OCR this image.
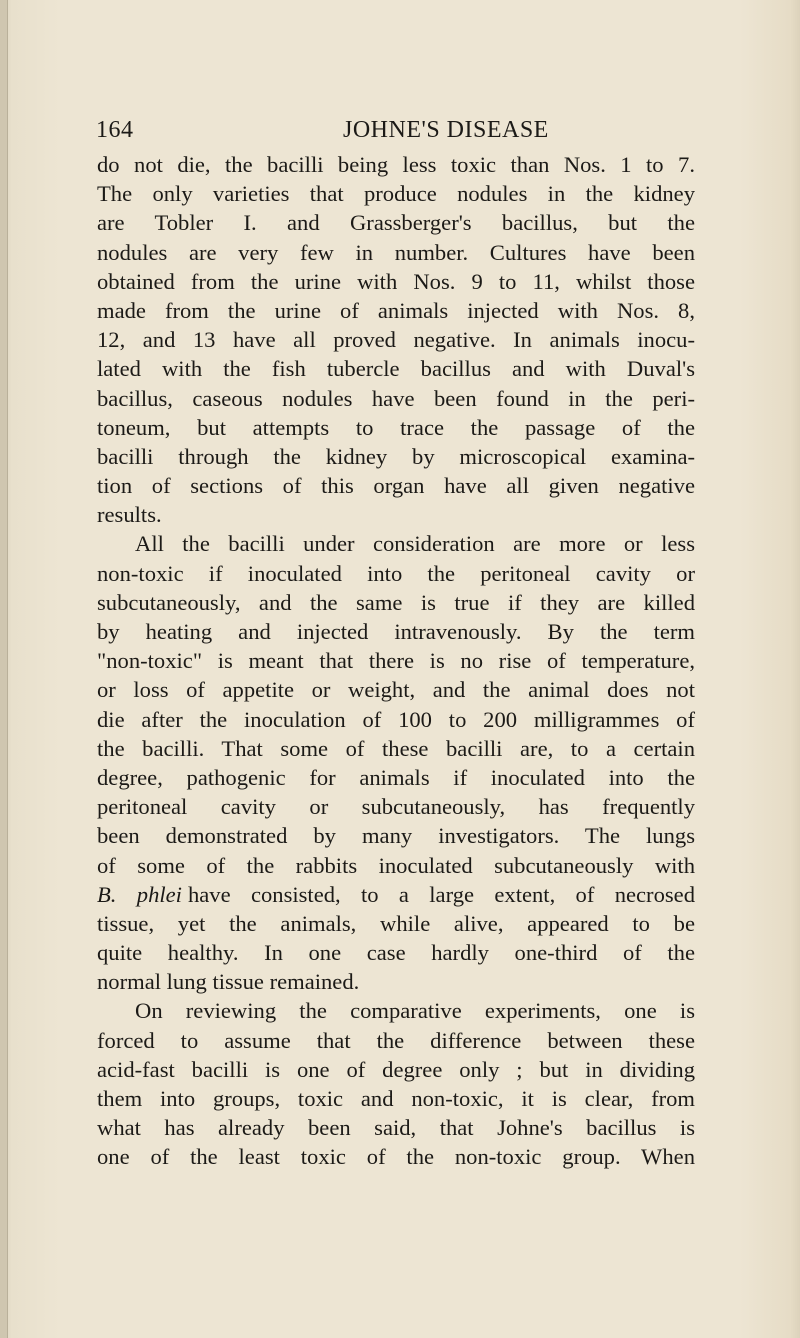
164	JOHNE'S DISEASE
do not die, the bacilli being less toxic than Nos. 1 to 7.
The only varieties that produce nodules in the kidney
are Tobler I. and Grassberger's bacillus, but the
nodules are very few in number. Cultures have been
obtained from the urine with Nos. 9 to 11, whilst those
made from the urine of animals injected with Nos. 8,
12, and 13 have all proved negative. In animals inocu-
lated with the fish tubercle bacillus and with Duval's
bacillus, caseous nodules have been found in the peri-
toneum, but attempts to trace the passage of the
bacilli through the kidney by microscopical examina-
tion of sections of this organ have all given negative
results.
All the bacilli under consideration are more or less
non-toxic if inoculated into the peritoneal cavity or
subcutaneously, and the same is true if they are killed
by heating and injected intravenously. By the term
"non-toxic" is meant that there is no rise of temperature,
or loss of appetite or weight, and the animal does not
die after the inoculation of 100 to 200 milligrammes of
the bacilli. That some of these bacilli are, to a certain
degree, pathogenic for animals if inoculated into the
peritoneal cavity or subcutaneously, has frequently
been demonstrated by many investigators. The lungs
of some of the rabbits inoculated subcutaneously with
B. phlei have consisted, to a large extent, of necrosed
tissue, yet the animals, while alive, appeared to be
quite healthy. In one case hardly one-third of the
normal lung tissue remained.
On reviewing the comparative experiments, one is
forced to assume that the difference between these
acid-fast bacilli is one of degree only ; but in dividing
them into groups, toxic and non-toxic, it is clear, from
what has already been said, that Johne's bacillus is
one of the least toxic of the non-toxic group. When
